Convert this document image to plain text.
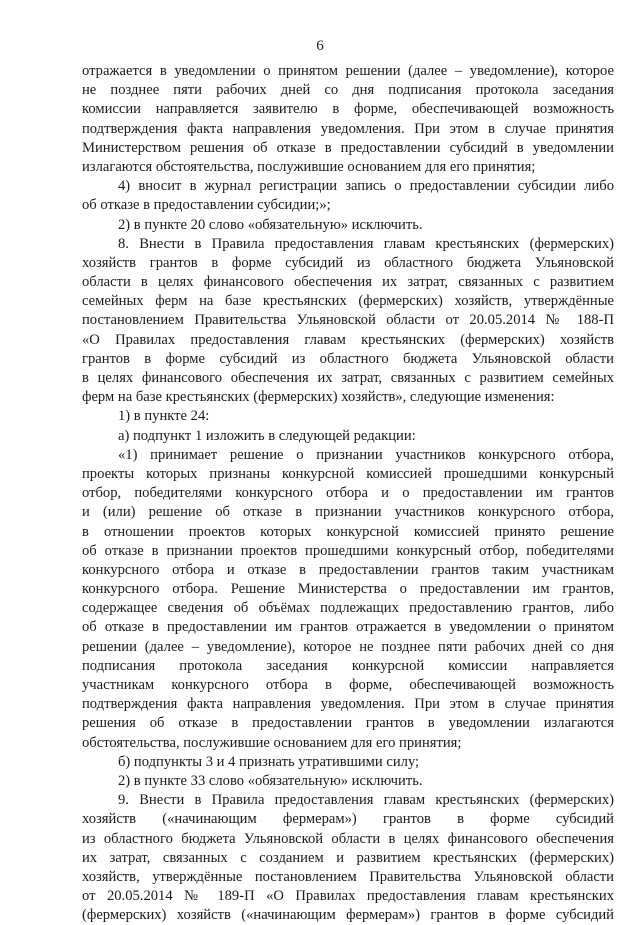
6
отражается в уведомлении о принятом решении (далее – уведомление), которое
не позднее пяти рабочих дней со дня подписания протокола заседания
комиссии направляется заявителю в форме, обеспечивающей возможность
подтверждения факта направления уведомления. При этом в случае принятия
Министерством решения об отказе в предоставлении субсидий в уведомлении
излагаются обстоятельства, послужившие основанием для его принятия;
4) вносит в журнал регистрации запись о предоставлении субсидии либо
об отказе в предоставлении субсидии;»;
2) в пункте 20 слово «обязательную» исключить.
8. Внести в Правила предоставления главам крестьянских (фермерских)
хозяйств грантов в форме субсидий из областного бюджета Ульяновской
области в целях финансового обеспечения их затрат, связанных с развитием
семейных ферм на базе крестьянских (фермерских) хозяйств, утверждённые
постановлением Правительства Ульяновской области от 20.05.2014 № 188-П
«О Правилах предоставления главам крестьянских (фермерских) хозяйств
грантов в форме субсидий из областного бюджета Ульяновской области
в целях финансового обеспечения их затрат, связанных с развитием семейных
ферм на базе крестьянских (фермерских) хозяйств», следующие изменения:
1) в пункте 24:
а) подпункт 1 изложить в следующей редакции:
«1) принимает решение о признании участников конкурсного отбора,
проекты которых признаны конкурсной комиссией прошедшими конкурсный
отбор, победителями конкурсного отбора и о предоставлении им грантов
и (или) решение об отказе в признании участников конкурсного отбора,
в отношении проектов которых конкурсной комиссией принято решение
об отказе в признании проектов прошедшими конкурсный отбор, победителями
конкурсного отбора и отказе в предоставлении грантов таким участникам
конкурсного отбора. Решение Министерства о предоставлении им грантов,
содержащее сведения об объёмах подлежащих предоставлению грантов, либо
об отказе в предоставлении им грантов отражается в уведомлении о принятом
решении (далее – уведомление), которое не позднее пяти рабочих дней со дня
подписания протокола заседания конкурсной комиссии направляется
участникам конкурсного отбора в форме, обеспечивающей возможность
подтверждения факта направления уведомления. При этом в случае принятия
решения об отказе в предоставлении грантов в уведомлении излагаются
обстоятельства, послужившие основанием для его принятия;
б) подпункты 3 и 4 признать утратившими силу;
2) в пункте 33 слово «обязательную» исключить.
9. Внести в Правила предоставления главам крестьянских (фермерских)
хозяйств («начинающим фермерам») грантов в форме субсидий
из областного бюджета Ульяновской области в целях финансового обеспечения
их затрат, связанных с созданием и развитием крестьянских (фермерских)
хозяйств, утверждённые постановлением Правительства Ульяновской области
от 20.05.2014 № 189-П «О Правилах предоставления главам крестьянских
(фермерских) хозяйств («начинающим фермерам») грантов в форме субсидий
